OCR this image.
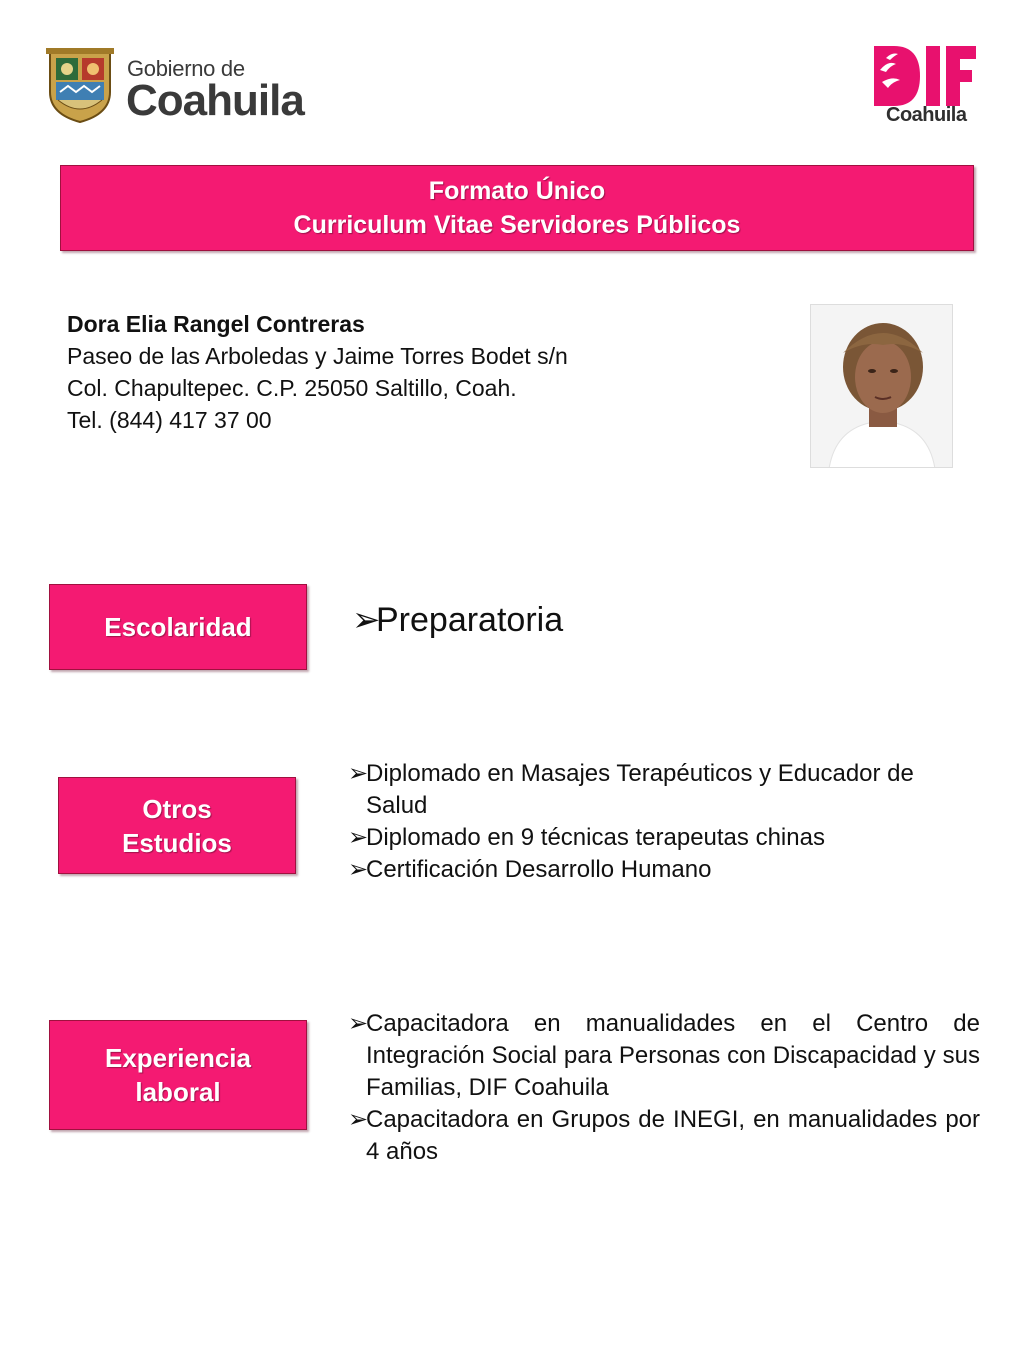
Gobierno de
Coahuila	Coahuila
Formato Único
Curriculum Vitae Servidores Públicos
Dora Elia Rangel Contreras
Paseo de las Arboledas y Jaime Torres Bodet s/n
Col. Chapultepec. C.P. 25050 Saltillo, Coah.
Tel. (844) 417 37 00
Escolaridad	➢
Preparatoria
Otros
Estudios
➢
Diplomado en Masajes Terapéuticos y Educador de Salud
➢
Diplomado en 9 técnicas terapeutas chinas
➢
Certificación Desarrollo Humano
Experiencia
laboral
➢
Capacitadora en manualidades en el Centro de Integración Social para Personas con Discapacidad y sus Familias, DIF Coahuila
➢
Capacitadora en Grupos de INEGI, en manualidades por 4 años
